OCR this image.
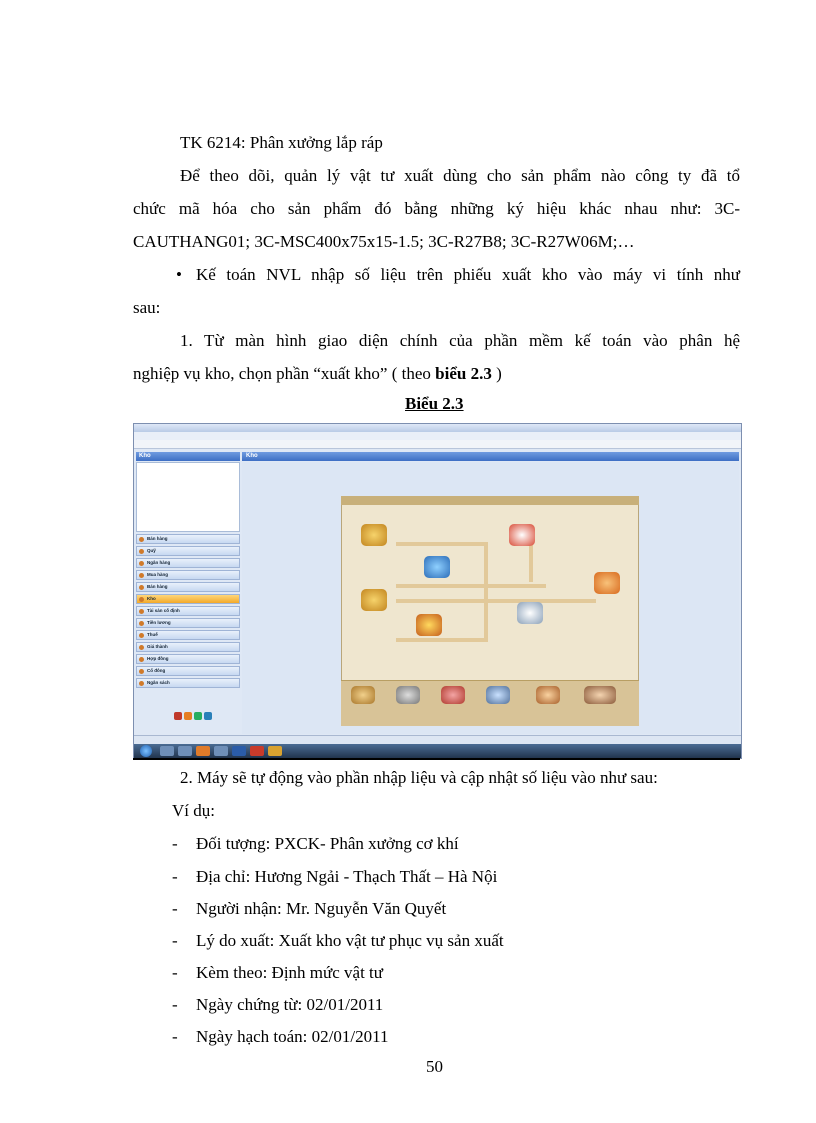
TK 6214: Phân xưởng lắp ráp
Để theo dõi, quản lý vật tư xuất dùng cho sản phẩm nào công ty đã tổ
chức mã hóa cho sản phẩm đó bằng những ký hiệu khác nhau như: 3C-
CAUTHANG01; 3C-MSC400x75x15-1.5; 3C-R27B8; 3C-R27W06M;…
• Kế toán NVL nhập số liệu trên phiếu xuất kho vào máy vi tính như
sau:
1. Từ màn hình giao diện chính của phần mềm kế toán vào phân hệ
nghiệp vụ kho, chọn phần “xuất kho” ( theo biểu 2.3 )
Biểu 2.3
Kho
Bán hàng
Quỹ
Ngân hàng
Mua hàng
Bán hàng
Kho
Tài sản cố định
Tiền lương
Thuế
Giá thành
Hợp đồng
Cổ đông
Ngân sách
Kho
2. Máy sẽ tự động vào phần nhập liệu và cập nhật số liệu vào như sau:
Ví dụ:
- Đối tượng: PXCK- Phân xưởng cơ khí
- Địa chỉ: Hương Ngải - Thạch Thất – Hà Nội
- Người nhận: Mr. Nguyễn Văn Quyết
- Lý do xuất: Xuất kho vật tư phục vụ sản xuất
- Kèm theo: Định mức vật tư
- Ngày chứng từ: 02/01/2011
- Ngày hạch toán: 02/01/2011
50
